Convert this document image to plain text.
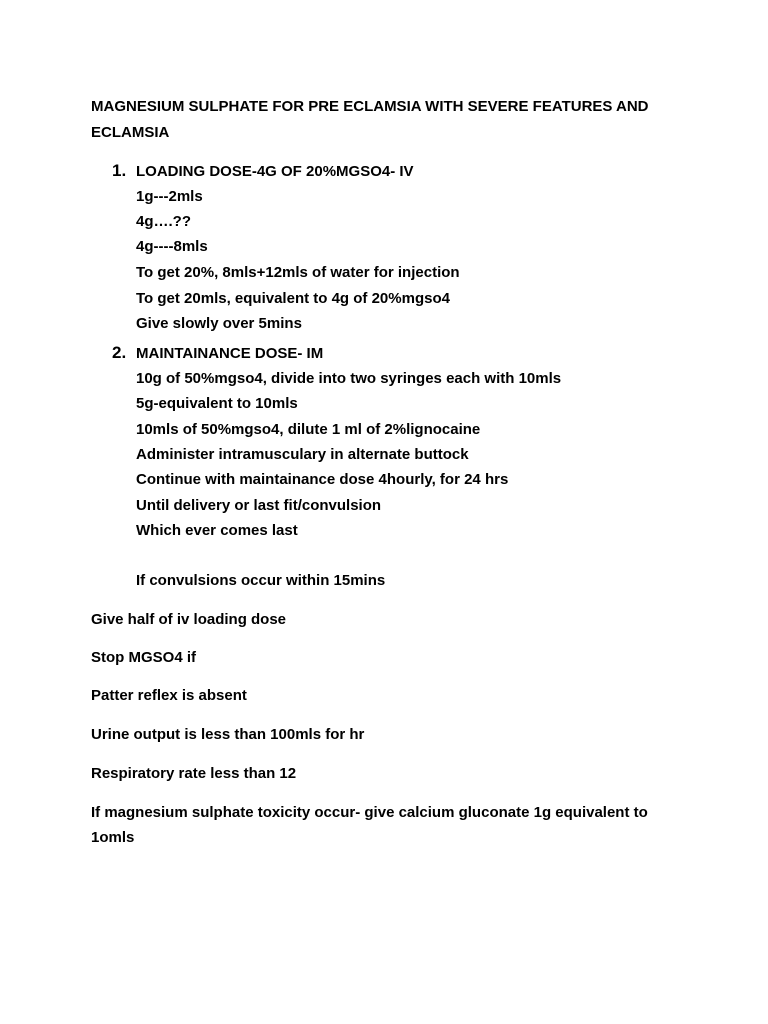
MAGNESIUM SULPHATE FOR PRE ECLAMSIA WITH SEVERE FEATURES AND ECLAMSIA
1. LOADING DOSE-4G OF 20%MGSO4- IV
1g---2mls
4g….??
4g----8mls
To get 20%, 8mls+12mls of water for injection
To get 20mls, equivalent to 4g of 20%mgso4
Give slowly over 5mins
2. MAINTAINANCE DOSE- IM
10g of 50%mgso4, divide into two syringes each with 10mls
5g-equivalent to 10mls
10mls of 50%mgso4, dilute 1 ml of 2%lignocaine
Administer intramusculary in alternate buttock
Continue with maintainance dose 4hourly, for 24 hrs
Until delivery or last fit/convulsion
Which ever comes last
If convulsions occur within 15mins
Give half of iv loading dose
Stop MGSO4 if
Patter reflex is absent
Urine output is less than 100mls for hr
Respiratory rate less than 12
If magnesium sulphate toxicity occur- give calcium gluconate 1g equivalent to 1omls
